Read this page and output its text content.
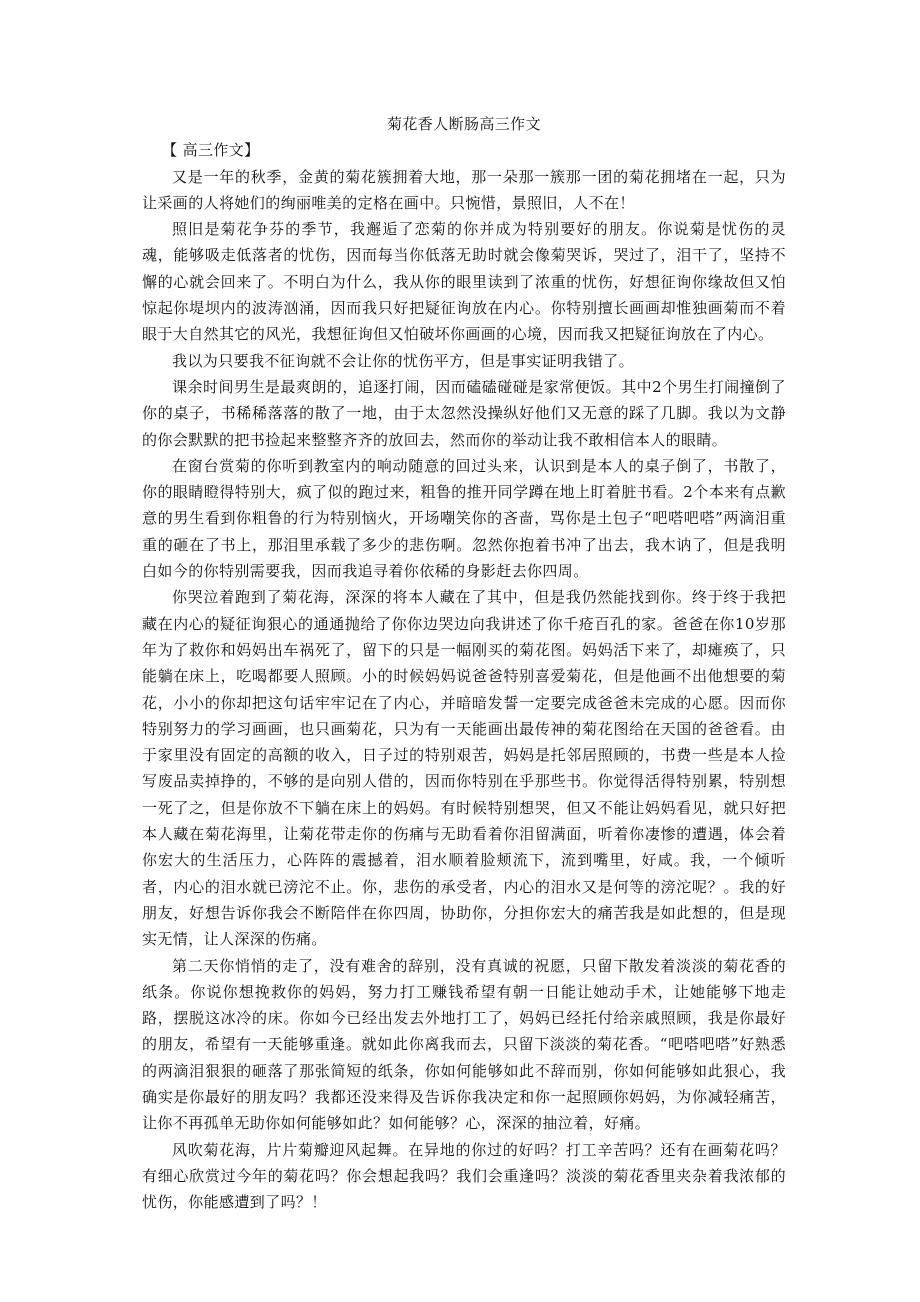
菊花香人断肠高三作文

【 高三作文】

又是一年的秋季，金黄的菊花簇拥着大地，那一朵那一簇那一团的菊花拥堵在一起，只为让采画的人将她们的绚丽唯美的定格在画中。只惋惜，景照旧，人不在！

照旧是菊花争芬的季节，我邂逅了恋菊的你并成为特别要好的朋友。你说菊是忧伤的灵魂，能够吸走低落者的忧伤，因而每当你低落无助时就会像菊哭诉，哭过了，泪干了，坚持不懈的心就会回来了。不明白为什么，我从你的眼里读到了浓重的忧伤，好想征询你缘故但又怕惊起你堤坝内的波涛汹涌，因而我只好把疑征询放在内心。你特别擅长画画却惟独画菊而不着眼于大自然其它的风光，我想征询但又怕破坏你画画的心境，因而我又把疑征询放在了内心。

我以为只要我不征询就不会让你的忧伤平方，但是事实证明我错了。

课余时间男生是最爽朗的，追逐打闹，因而磕磕碰碰是家常便饭。其中2个男生打闹撞倒了你的桌子，书稀稀落落的散了一地，由于太忽然没操纵好他们又无意的踩了几脚。我以为文静的你会默默的把书捡起来整整齐齐的放回去，然而你的举动让我不敢相信本人的眼睛。

在窗台赏菊的你听到教室内的响动随意的回过头来，认识到是本人的桌子倒了，书散了，你的眼睛瞪得特别大，疯了似的跑过来，粗鲁的推开同学蹲在地上盯着脏书看。2个本来有点歉意的男生看到你粗鲁的行为特别恼火，开场嘲笑你的吝啬，骂你是土包子“吧嗒吧嗒”两滴泪重重的砸在了书上，那泪里承载了多少的悲伤啊。忽然你抱着书冲了出去，我木讷了，但是我明白如今的你特别需要我，因而我追寻着你依稀的身影赶去你四周。

你哭泣着跑到了菊花海，深深的将本人藏在了其中，但是我仍然能找到你。终于终于我把藏在内心的疑征询狠心的通通抛给了你你边哭边向我讲述了你千疮百孔的家。爸爸在你10岁那年为了救你和妈妈出车祸死了，留下的只是一幅刚买的菊花图。妈妈活下来了，却瘫痪了，只能躺在床上，吃喝都要人照顾。小的时候妈妈说爸爸特别喜爱菊花，但是他画不出他想要的菊花，小小的你却把这句话牢牢记在了内心，并暗暗发誓一定要完成爸爸未完成的心愿。因而你特别努力的学习画画，也只画菊花，只为有一天能画出最传神的菊花图给在天国的爸爸看。由于家里没有固定的高额的收入，日子过的特别艰苦，妈妈是托邻居照顾的，书费一些是本人捡写废品卖掉挣的，不够的是向别人借的，因而你特别在乎那些书。你觉得活得特别累，特别想一死了之，但是你放不下躺在床上的妈妈。有时候特别想哭，但又不能让妈妈看见，就只好把本人藏在菊花海里，让菊花带走你的伤痛与无助看着你泪留满面，听着你凄惨的遭遇，体会着你宏大的生活压力，心阵阵的震撼着，泪水顺着脸颊流下，流到嘴里，好咸。我，一个倾听者，内心的泪水就已滂沱不止。你，悲伤的承受者，内心的泪水又是何等的滂沱呢？。我的好朋友，好想告诉你我会不断陪伴在你四周，协助你，分担你宏大的痛苦我是如此想的，但是现实无情，让人深深的伤痛。

第二天你悄悄的走了，没有难舍的辞别，没有真诚的祝愿，只留下散发着淡淡的菊花香的纸条。你说你想挽救你的妈妈，努力打工赚钱希望有朝一日能让她动手术，让她能够下地走路，摆脱这冰冷的床。你如今已经出发去外地打工了，妈妈已经托付给亲戚照顾，我是你最好的朋友，希望有一天能够重逢。就如此你离我而去，只留下淡淡的菊花香。“吧嗒吧嗒”好熟悉的两滴泪狠狠的砸落了那张简短的纸条，你如何能够如此不辞而别，你如何能够如此狠心，我确实是你最好的朋友吗？我都还没来得及告诉你我决定和你一起照顾你妈妈，为你减轻痛苦，让你不再孤单无助你如何能够如此？如何能够？心，深深的抽泣着，好痛。

风吹菊花海，片片菊瓣迎风起舞。在异地的你过的好吗？打工辛苦吗？还有在画菊花吗？有细心欣赏过今年的菊花吗？你会想起我吗？我们会重逢吗？淡淡的菊花香里夹杂着我浓郁的忧伤，你能感遭到了吗？！
